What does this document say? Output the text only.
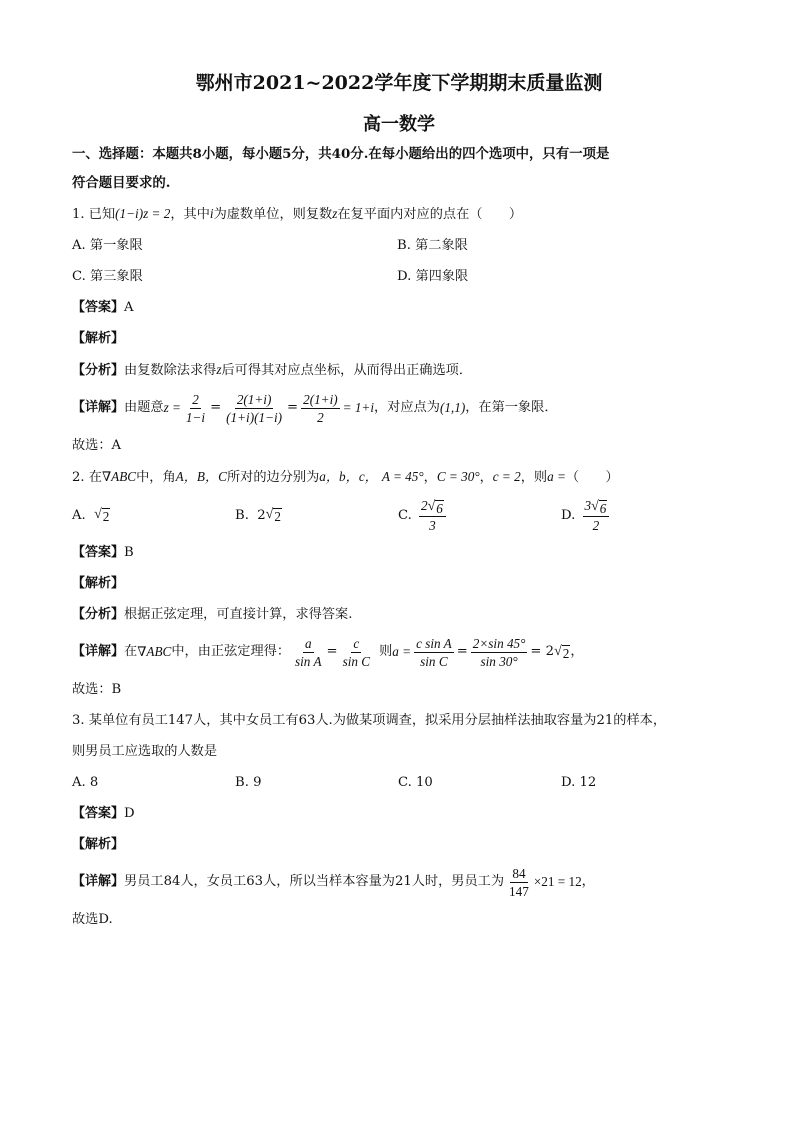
鄂州市2021~2022学年度下学期期末质量监测
高一数学
一、选择题：本题共8小题，每小题5分，共40分.在每小题给出的四个选项中，只有一项是
符合题目要求的.
1. 已知(1−i)z = 2，其中i为虚数单位，则复数z在复平面内对应的点在（　　）
A. 第一象限	B. 第二象限
C. 第三象限	D. 第四象限
【答案】A
【解析】
【分析】由复数除法求得z后可得其对应点坐标，从而得出正确选项．
【详解】 由题意 $z = \frac{2}{1-i} = \frac{2(1+i)}{(1+i)(1-i)} = \frac{2(1+i)}{2} = 1+i$ ，对应点为 (1,1) ，在第一象限．
故选：A
2. 在∇ABC中，角A，B，C所对的边分别为a，b，c， A = 45°，C = 30°，c = 2，则a =（　　）
A.
√ 2	B.
2 √ 2	C.
$\frac{2 √ 6}{3}$	D.
$\frac{3 √ 6}{2}$
【答案】B
【解析】
【分析】根据正弦定理，可直接计算，求得答案.
【详解】 在 ∇ABC 中，由正弦定理得： $\frac{a}{\text{sin A}} = \frac{c}{\text{sin C}}$ 则 $a = \frac{\text{c sin A}}{\text{sin C}} = \frac{2\times\sin 45^\circ}{\sin 30^\circ} = 2$ √ 2 ，
故选：B
3. 某单位有员工147人，其中女员工有63人.为做某项调查，拟采用分层抽样法抽取容量为21的样本，
则男员工应选取的人数是
A. 8	B. 9	C. 10	D. 12
【答案】D
【解析】
【详解】 男员工84人，女员工63人，所以当样本容量为21人时，男员工为 $\frac{84}{147} \times 21 = 12$ ，
故选D.
